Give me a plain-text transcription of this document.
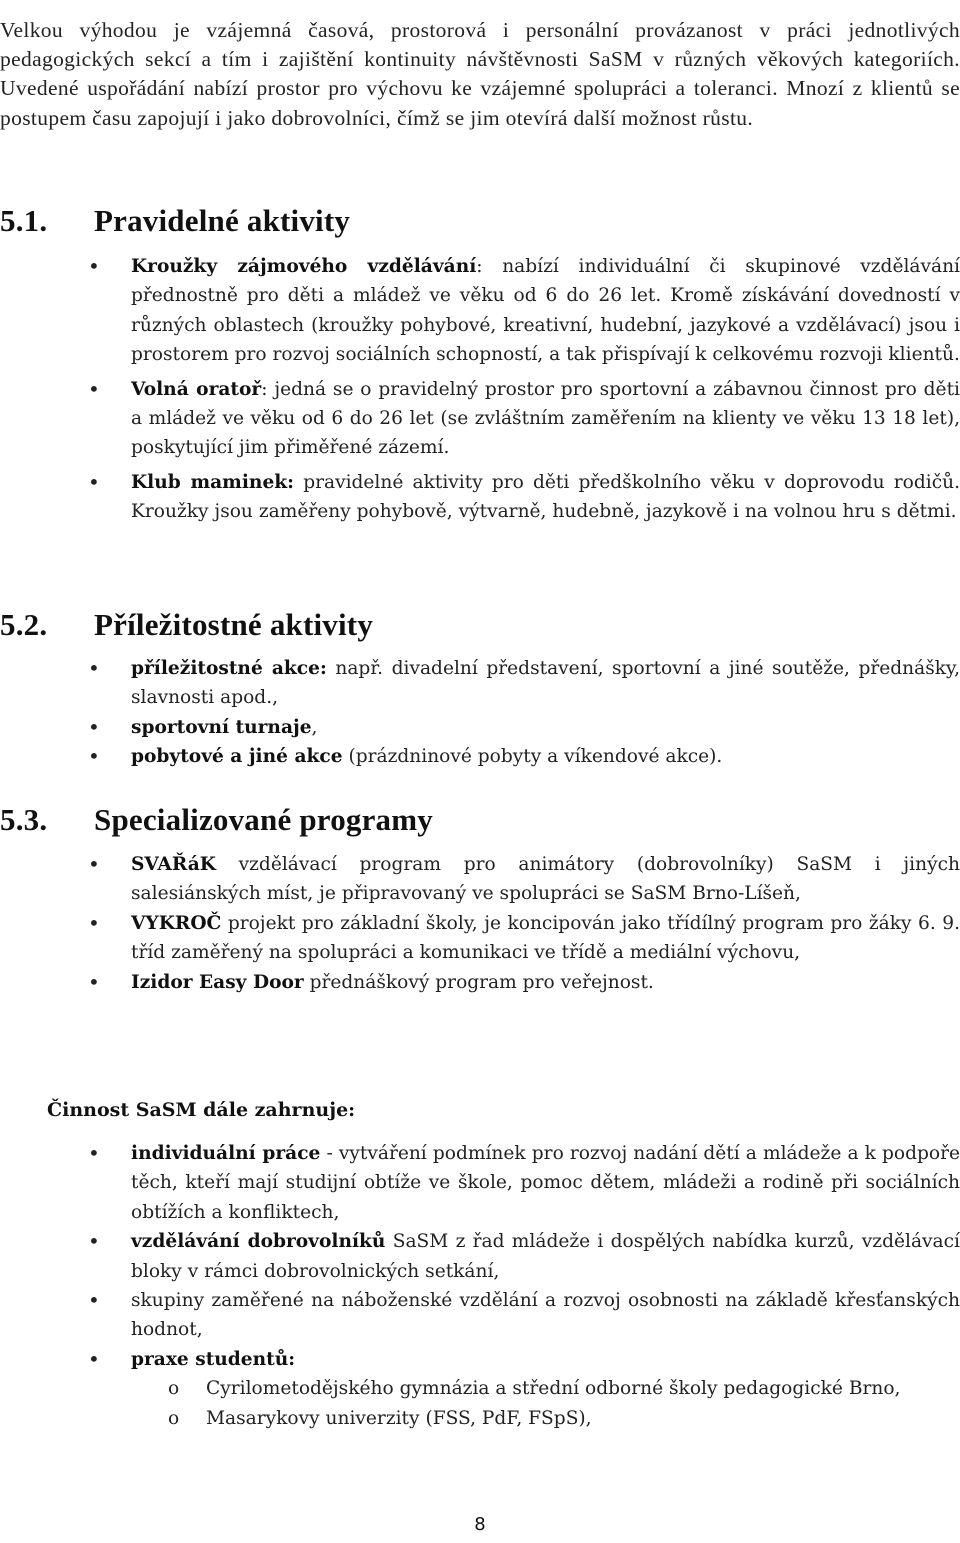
Velkou výhodou je vzájemná časová, prostorová i personální provázanost v práci jednotlivých pedagogických sekcí a tím i zajištění kontinuity návštěvnosti SaSM v různých věkových kategoriích. Uvedené uspořádání nabízí prostor pro výchovu ke vzájemné spolupráci a toleranci. Mnozí z klientů se postupem času zapojují i jako dobrovolníci, čímž se jim otevírá další možnost růstu.

5.1. Pravidelné aktivity
• Kroužky zájmového vzdělávání: nabízí individuální či skupinové vzdělávání přednostně pro děti a mládež ve věku od 6 do 26 let. Kromě získávání dovedností v různých oblastech (kroužky pohybové, kreativní, hudební, jazykové a vzdělávací) jsou i prostorem pro rozvoj sociálních schopností, a tak přispívají k celkovému rozvoji klientů.
• Volná oratoř: jedná se o pravidelný prostor pro sportovní a zábavnou činnost pro děti a mládež ve věku od 6 do 26 let (se zvláštním zaměřením na klienty ve věku 13 18 let), poskytující jim přiměřené zázemí.
• Klub maminek: pravidelné aktivity pro děti předškolního věku v doprovodu rodičů. Kroužky jsou zaměřeny pohybově, výtvarně, hudebně, jazykově i na volnou hru s dětmi.
5.2. Příležitostné aktivity
• příležitostné akce: např. divadelní představení, sportovní a jiné soutěže, přednášky, slavnosti apod.,
• sportovní turnaje,
• pobytové a jiné akce (prázdninové pobyty a víkendové akce).
5.3. Specializované programy
• SVAŘáK vzdělávací program pro animátory (dobrovolníky) SaSM i jiných salesiánských míst, je připravovaný ve spolupráci se SaSM Brno-Líšeň,
• VYKROČ projekt pro základní školy, je koncipován jako třídílný program pro žáky 6. 9. tříd zaměřený na spolupráci a komunikaci ve třídě a mediální výchovu,
• Izidor Easy Door přednáškový program pro veřejnost.
Činnost SaSM dále zahrnuje:
• individuální práce - vytváření podmínek pro rozvoj nadání dětí a mládeže a k podpoře těch, kteří mají studijní obtíže ve škole, pomoc dětem, mládeži a rodině při sociálních obtížích a konfliktech,
• vzdělávání dobrovolníků SaSM z řad mládeže i dospělých nabídka kurzů, vzdělávací bloky v rámci dobrovolnických setkání,
• skupiny zaměřené na náboženské vzdělání a rozvoj osobnosti na základě křesťanských hodnot,
• praxe studentů:
o Cyrilometodějského gymnázia a střední odborné školy pedagogické Brno,
o Masarykovy univerzity (FSS, PdF, FSpS),
8
